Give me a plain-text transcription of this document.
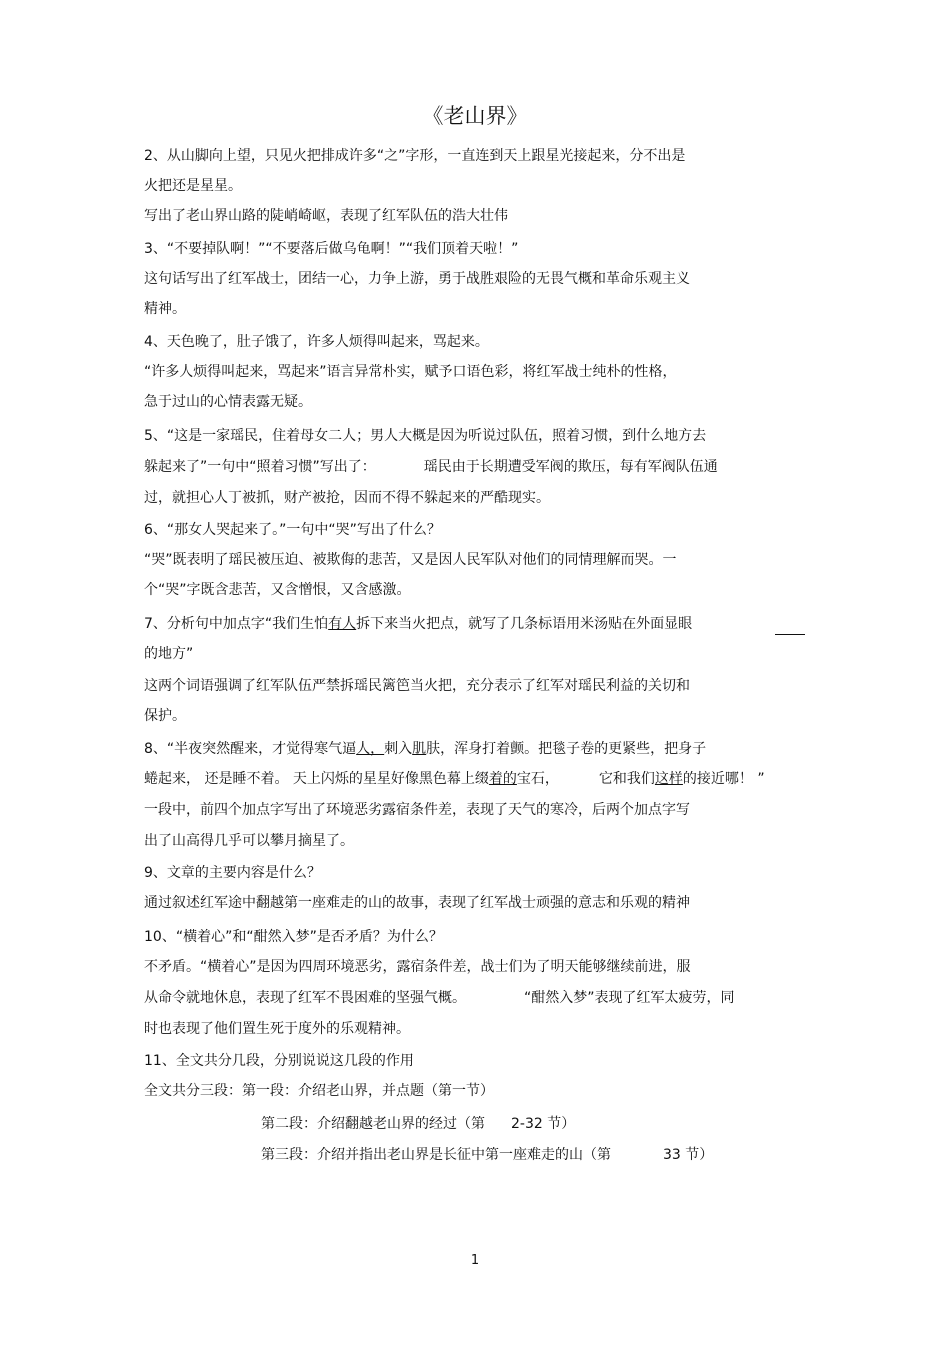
《老山界》
2、从山脚向上望，只见火把排成许多“之”字形，一直连到天上跟星光接起来，分不出是
火把还是星星。
写出了老山界山路的陡峭崎岖，表现了红军队伍的浩大壮伟
3、“不要掉队啊！”“不要落后做乌龟啊！”“我们顶着天啦！”
这句话写出了红军战士，团结一心，力争上游，勇于战胜艰险的无畏气概和革命乐观主义
精神。
4、天色晚了，肚子饿了，许多人烦得叫起来，骂起来。
“许多人烦得叫起来，骂起来”语言异常朴实，赋予口语色彩，将红军战士纯朴的性格，
急于过山的心情表露无疑。
5、“这是一家瑶民，住着母女二人；男人大概是因为听说过队伍，照着习惯，到什么地方去
躲起来了”一句中“照着习惯”写出了：	瑶民由于长期遭受军阀的欺压，每有军阀队伍通
过，就担心人丁被抓，财产被抢，因而不得不躲起来的严酷现实。
6、“那女人哭起来了。”一句中“哭”写出了什么？
“哭”既表明了瑶民被压迫、被欺侮的悲苦，又是因人民军队对他们的同情理解而哭。一
个“哭”字既含悲苦，又含憎恨，又含感激。
7、分析句中加点字“我们生怕有人拆下来当火把点，就写了几条标语用米汤贴在外面显眼
的地方”
这两个词语强调了红军队伍严禁拆瑶民篱笆当火把，充分表示了红军对瑶民利益的关切和
保护。
8、“半夜突然醒来，才觉得寒气逼人，刺入肌肤，浑身打着颤。把毯子卷的更紧些，把身子
蜷起来， 还是睡不着。 天上闪烁的星星好像黑色幕上缀着的宝石，	它和我们这样的接近哪！ ”
一段中，前四个加点字写出了环境恶劣露宿条件差，表现了天气的寒冷，后两个加点字写
出了山高得几乎可以攀月摘星了。
9、文章的主要内容是什么？
通过叙述红军途中翻越第一座难走的山的故事，表现了红军战士顽强的意志和乐观的精神
10、“横着心”和“酣然入梦”是否矛盾？为什么？
不矛盾。“横着心”是因为四周环境恶劣，露宿条件差，战士们为了明天能够继续前进，服
从命令就地休息，表现了红军不畏困难的坚强气概。	“酣然入梦”表现了红军太疲劳，同
时也表现了他们置生死于度外的乐观精神。
11、全文共分几段，分别说说这几段的作用
全文共分三段：第一段：介绍老山界，并点题（第一节）
第二段：介绍翻越老山界的经过（第 2-32 节）
第三段：介绍并指出老山界是长征中第一座难走的山（第	33 节）
1
